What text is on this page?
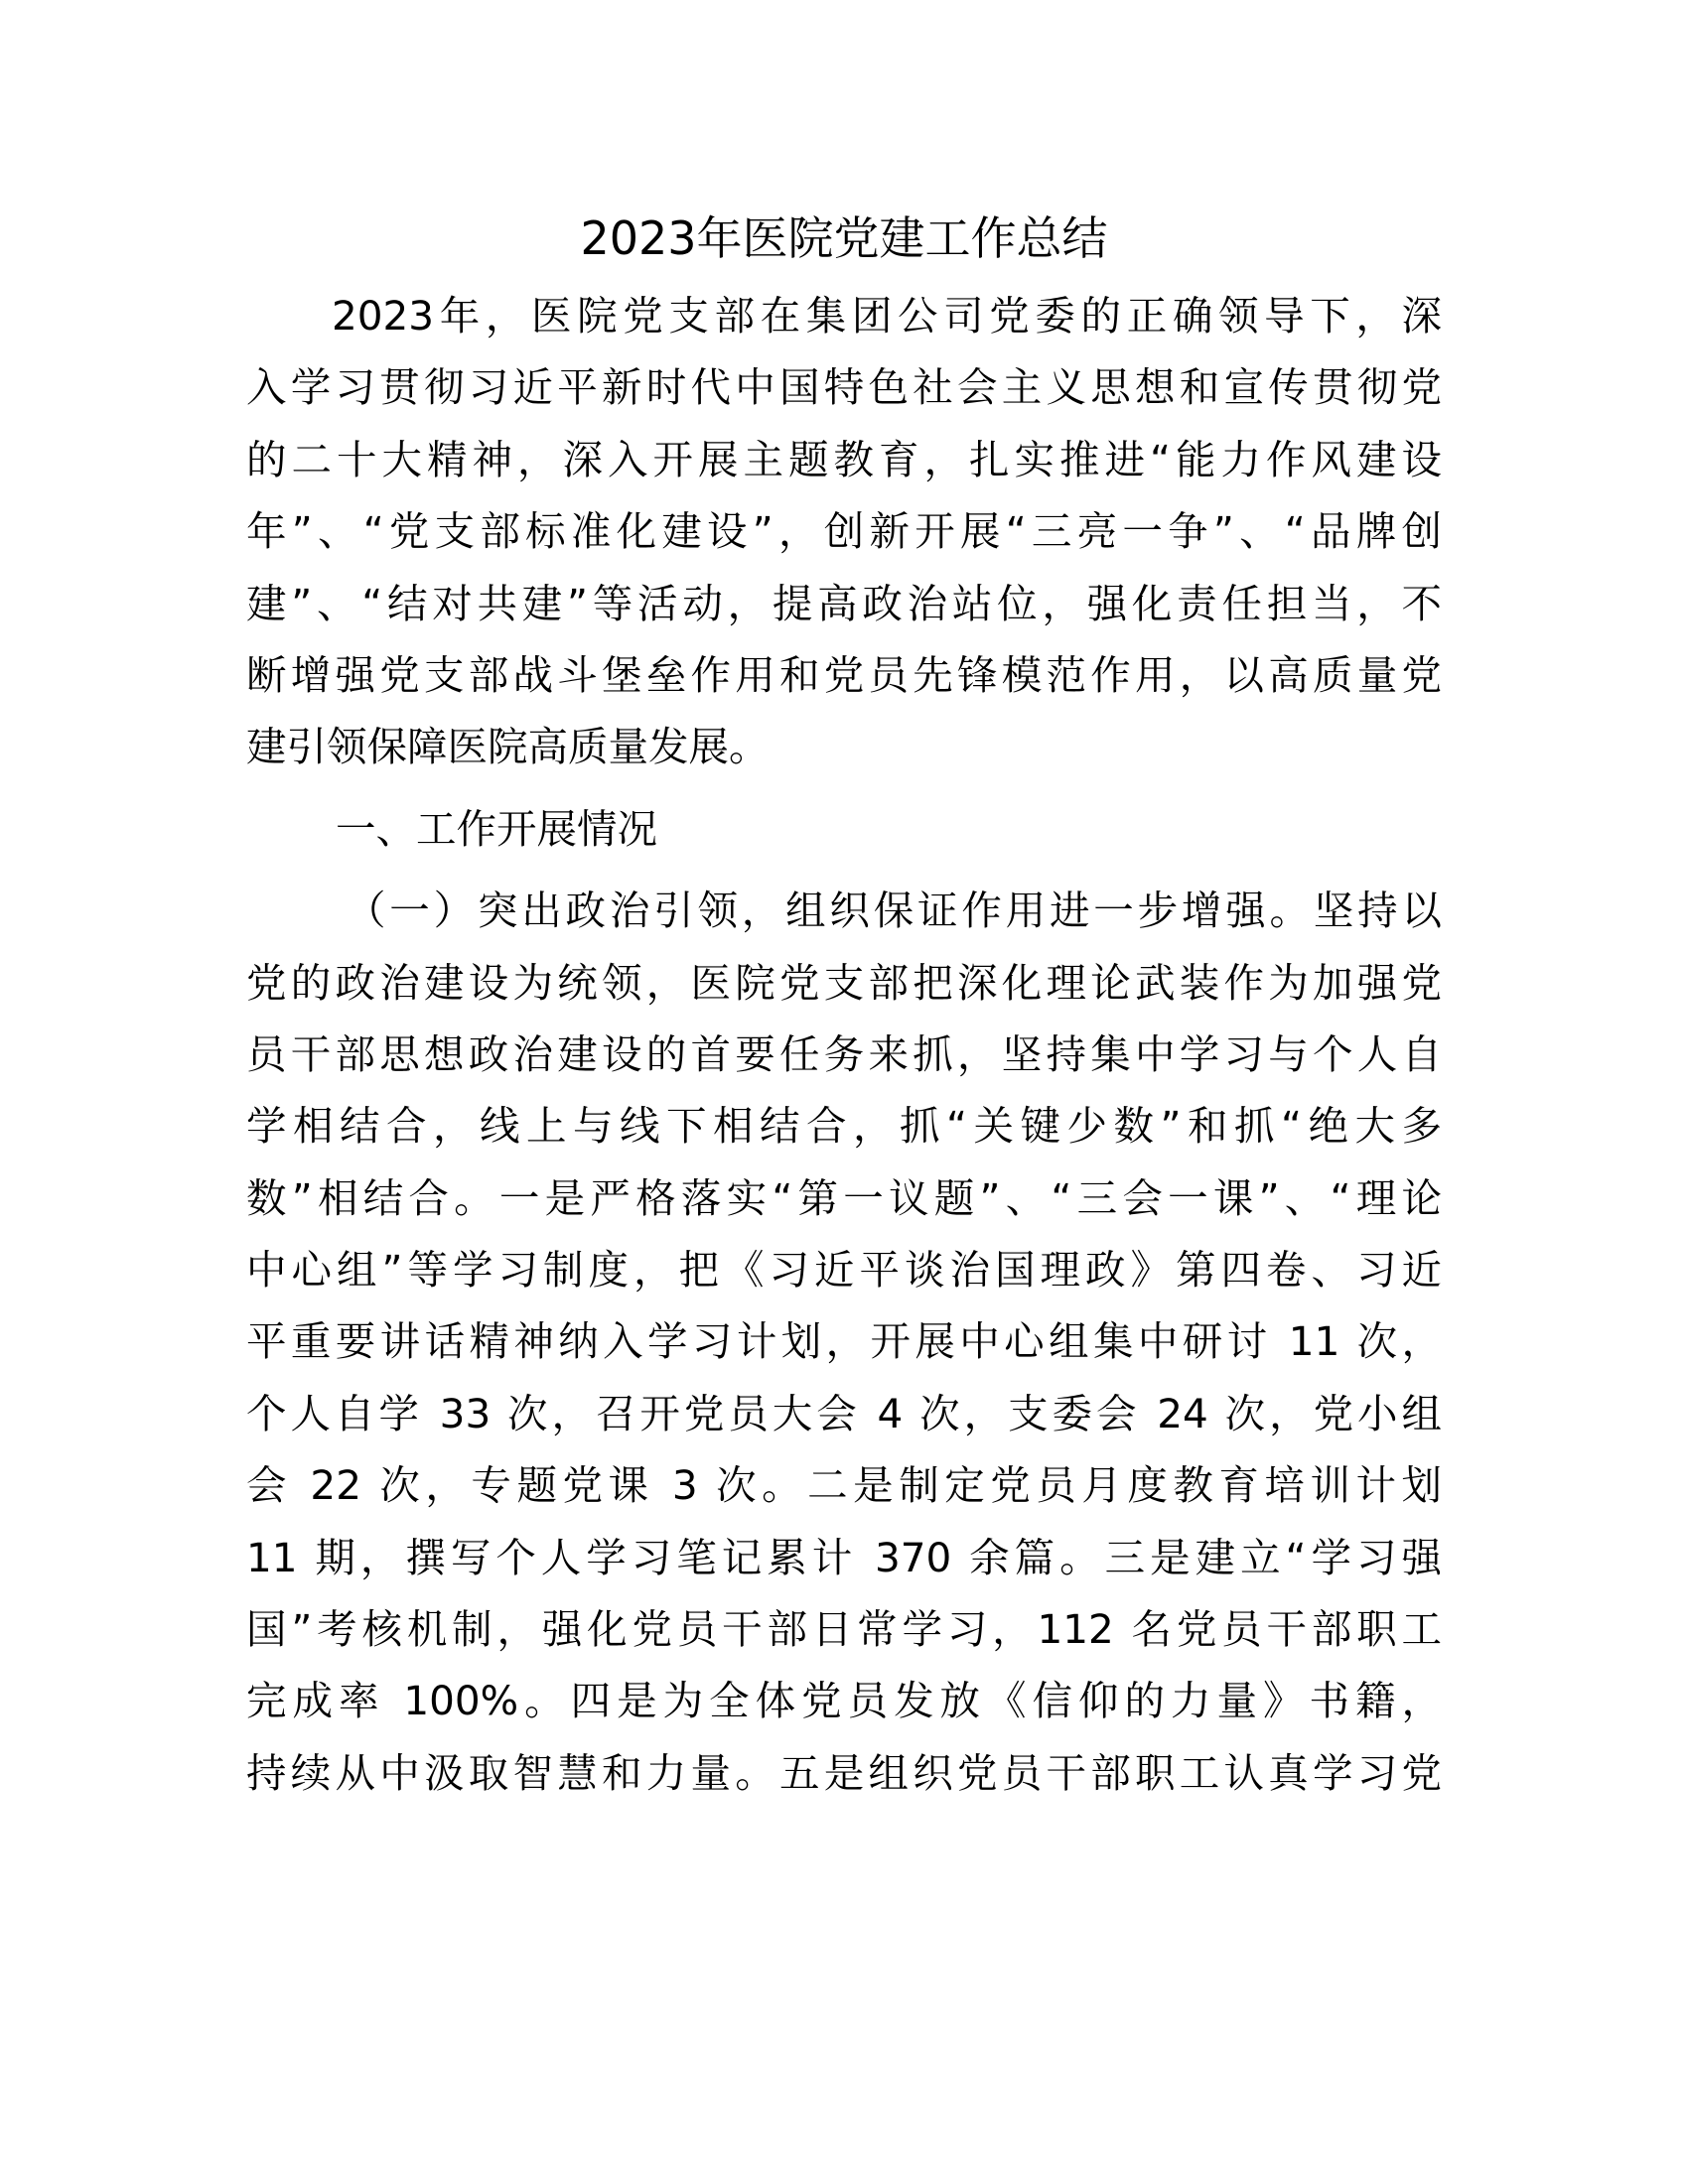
2023年医院党建工作总结
2023年，医院党支部在集团公司党委的正确领导下，深
入学习贯彻习近平新时代中国特色社会主义思想和宣传贯彻党
的二十大精神，深入开展主题教育，扎实推进“能力作风建设
年”、“党支部标准化建设”，创新开展“三亮一争”、“品牌创
建”、“结对共建”等活动，提高政治站位，强化责任担当，不
断增强党支部战斗堡垒作用和党员先锋模范作用，以高质量党
建引领保障医院高质量发展。
一、工作开展情况
（一）突出政治引领，组织保证作用进一步增强。坚持以
党的政治建设为统领，医院党支部把深化理论武装作为加强党
员干部思想政治建设的首要任务来抓，坚持集中学习与个人自
学相结合，线上与线下相结合，抓“关键少数”和抓“绝大多
数”相结合。一是严格落实“第一议题”、“三会一课”、“理论
中心组”等学习制度，把《习近平谈治国理政》第四卷、习近
平重要讲话精神纳入学习计划，开展中心组集中研讨 11 次，
个人自学 33 次，召开党员大会 4 次，支委会 24 次，党小组
会 22 次，专题党课 3 次。二是制定党员月度教育培训计划
11 期，撰写个人学习笔记累计 370 余篇。三是建立“学习强
国”考核机制，强化党员干部日常学习，112 名党员干部职工
完成率 100%。四是为全体党员发放《信仰的力量》书籍，
持续从中汲取智慧和力量。五是组织党员干部职工认真学习党
